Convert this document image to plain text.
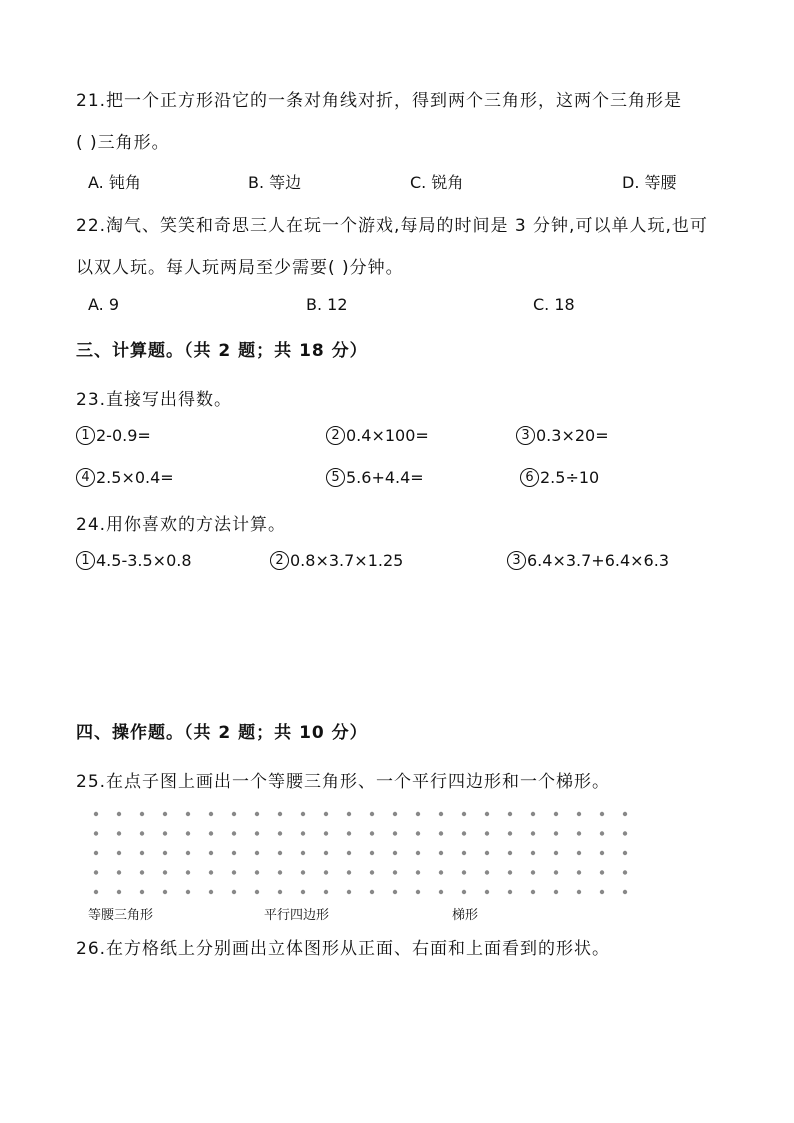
21.把一个正方形沿它的一条对角线对折，得到两个三角形，这两个三角形是
( )三角形。
A. 钝角	B. 等边	C. 锐角	D. 等腰
22.淘气、笑笑和奇思三人在玩一个游戏,每局的时间是 3 分钟,可以单人玩,也可
以双人玩。每人玩两局至少需要( )分钟。
A. 9	B. 12	C. 18
三、计算题。（共 2 题；共 18 分）
23.直接写出得数。
1 2-0.9=	2 0.4×100=	3 0.3×20=
4 2.5×0.4=	5 5.6+4.4=	6 2.5÷10
24.用你喜欢的方法计算。
1 4.5-3.5×0.8	2 0.8×3.7×1.25	3 6.4×3.7+6.4×6.3
四、操作题。（共 2 题；共 10 分）
25.在点子图上画出一个等腰三角形、一个平行四边形和一个梯形。
等腰三角形	平行四边形	梯形
26.在方格纸上分别画出立体图形从正面、右面和上面看到的形状。
